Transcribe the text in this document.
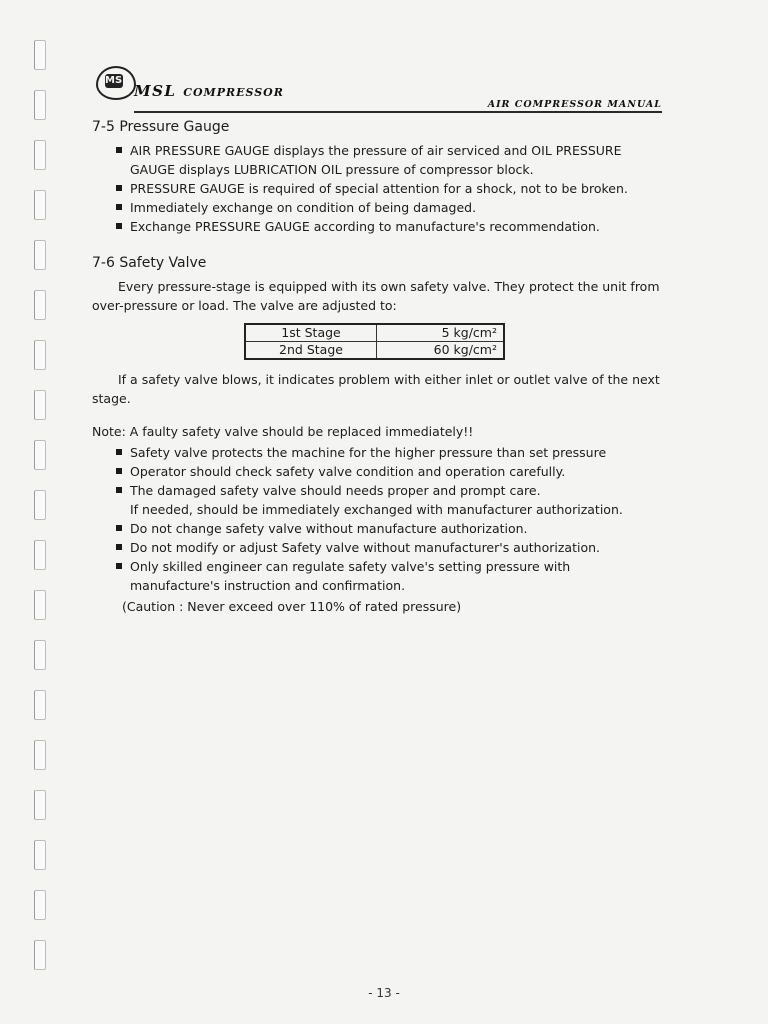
MSL
MSL COMPRESSOR
AIR COMPRESSOR MANUAL
7-5 Pressure Gauge
AIR PRESSURE GAUGE displays the pressure of air serviced and OIL PRESSURE GAUGE displays LUBRICATION OIL pressure of compressor block.
PRESSURE GAUGE is required of special attention for a shock, not to be broken.
Immediately exchange on condition of being damaged.
Exchange PRESSURE GAUGE according to manufacture's recommendation.
7-6 Safety Valve

Every pressure-stage is equipped with its own safety valve. They protect the unit from over-pressure or load. The valve are adjusted to:

1st Stage	5 kg/cm²
2nd Stage	60 kg/cm²

If a safety valve blows, it indicates problem with either inlet or outlet valve of the next stage.

Note: A faulty safety valve should be replaced immediately!!

Safety valve protects the machine for the higher pressure than set pressure
Operator should check safety valve condition and operation carefully.
The damaged safety valve should needs proper and prompt care.
If needed, should be immediately exchanged with manufacturer authorization.
Do not change safety valve without manufacture authorization.
Do not modify or adjust Safety valve without manufacturer's authorization.
Only skilled engineer can regulate safety valve's setting pressure with manufacture's instruction and confirmation.
(Caution : Never exceed over 110% of rated pressure)
- 13 -
